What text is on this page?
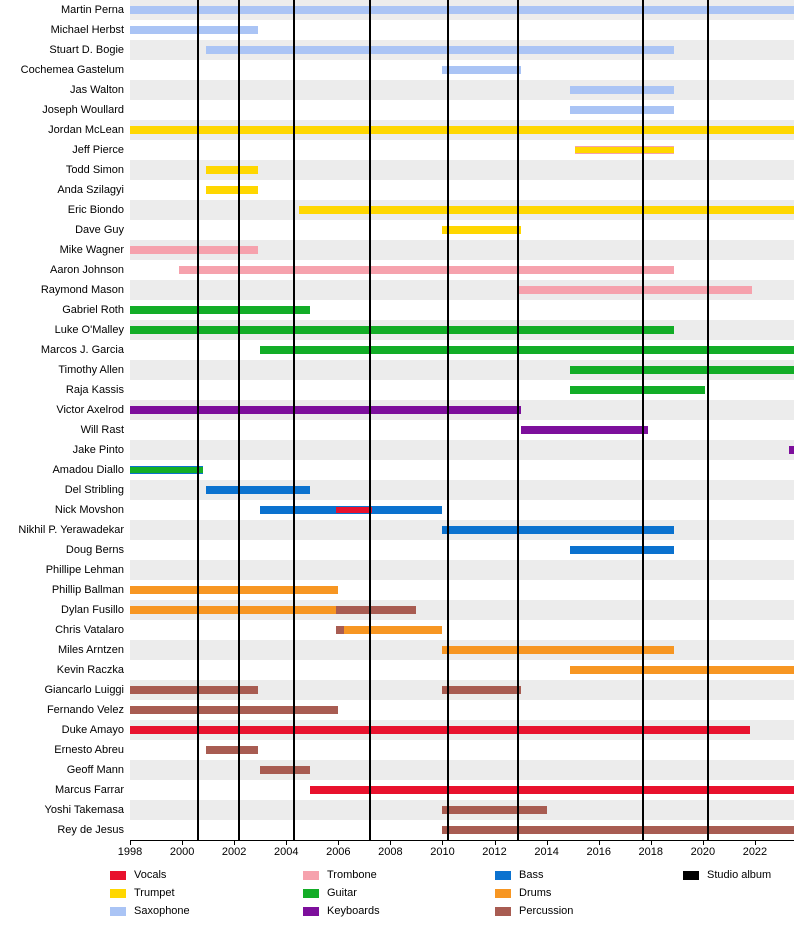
Martin Perna
Michael Herbst
Stuart D. Bogie
Cochemea Gastelum
Jas Walton
Joseph Woullard
Jordan McLean
Jeff Pierce
Todd Simon
Anda Szilagyi
Eric Biondo
Dave Guy
Mike Wagner
Aaron Johnson
Raymond Mason
Gabriel Roth
Luke O'Malley
Marcos J. Garcia
Timothy Allen
Raja Kassis
Victor Axelrod
Will Rast
Jake Pinto
Amadou Diallo
Del Stribling
Nick Movshon
Nikhil P. Yerawadekar
Doug Berns
Phillipe Lehman
Phillip Ballman
Dylan Fusillo
Chris Vatalaro
Miles Arntzen
Kevin Raczka
Giancarlo Luiggi
Fernando Velez
Duke Amayo
Ernesto Abreu
Geoff Mann
Marcus Farrar
Yoshi Takemasa
Rey de Jesus
1998	2000	2002	2004	2006	2008	2010	2012	2014	2016	2018	2020	2022
Vocals
Trumpet
Saxophone
Trombone
Guitar
Keyboards
Bass
Drums
Percussion
Studio album
